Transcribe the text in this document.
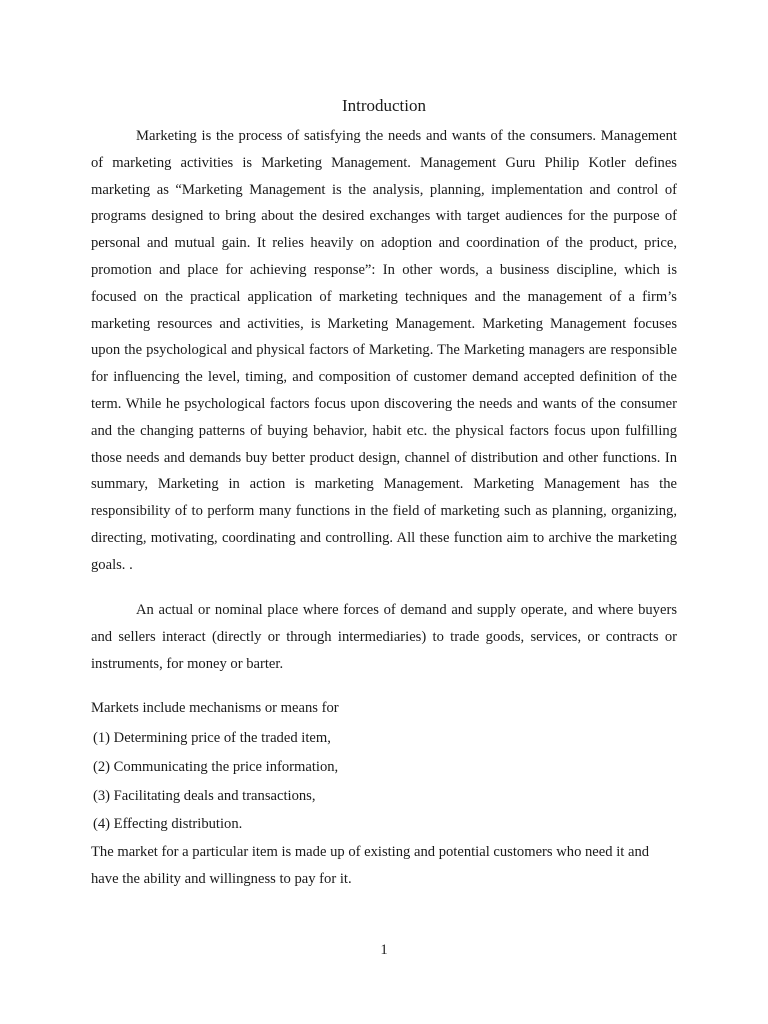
Introduction

Marketing is the process of satisfying the needs and wants of the consumers. Management of marketing activities is Marketing Management. Management Guru Philip Kotler defines marketing as “Marketing Management is the analysis, planning, implementation and control of programs designed to bring about the desired exchanges with target audiences for the purpose of personal and mutual gain. It relies heavily on adoption and coordination of the product, price, promotion and place for achieving response”: In other words, a business discipline, which is focused on the practical application of marketing techniques and the management of a firm’s marketing resources and activities, is Marketing Management. Marketing Management focuses upon the psychological and physical factors of Marketing. The Marketing managers are responsible for influencing the level, timing, and composition of customer demand accepted definition of the term. While he psychological factors focus upon discovering the needs and wants of the consumer and the changing patterns of buying behavior, habit etc. the physical factors focus upon fulfilling those needs and demands buy better product design, channel of distribution and other functions. In summary, Marketing in action is marketing Management. Marketing Management has the responsibility of to perform many functions in the field of marketing such as planning, organizing, directing, motivating, coordinating and controlling. All these function aim to archive the marketing goals. .

An actual or nominal place where forces of demand and supply operate, and where buyers and sellers interact (directly or through intermediaries) to trade goods, services, or contracts or instruments, for money or barter.

Markets include mechanisms or means for

(1) Determining price of the traded item,
(2) Communicating the price information,
(3) Facilitating deals and transactions,
(4) Effecting distribution.

The market for a particular item is made up of existing and potential customers who need it and have the ability and willingness to pay for it.

1
